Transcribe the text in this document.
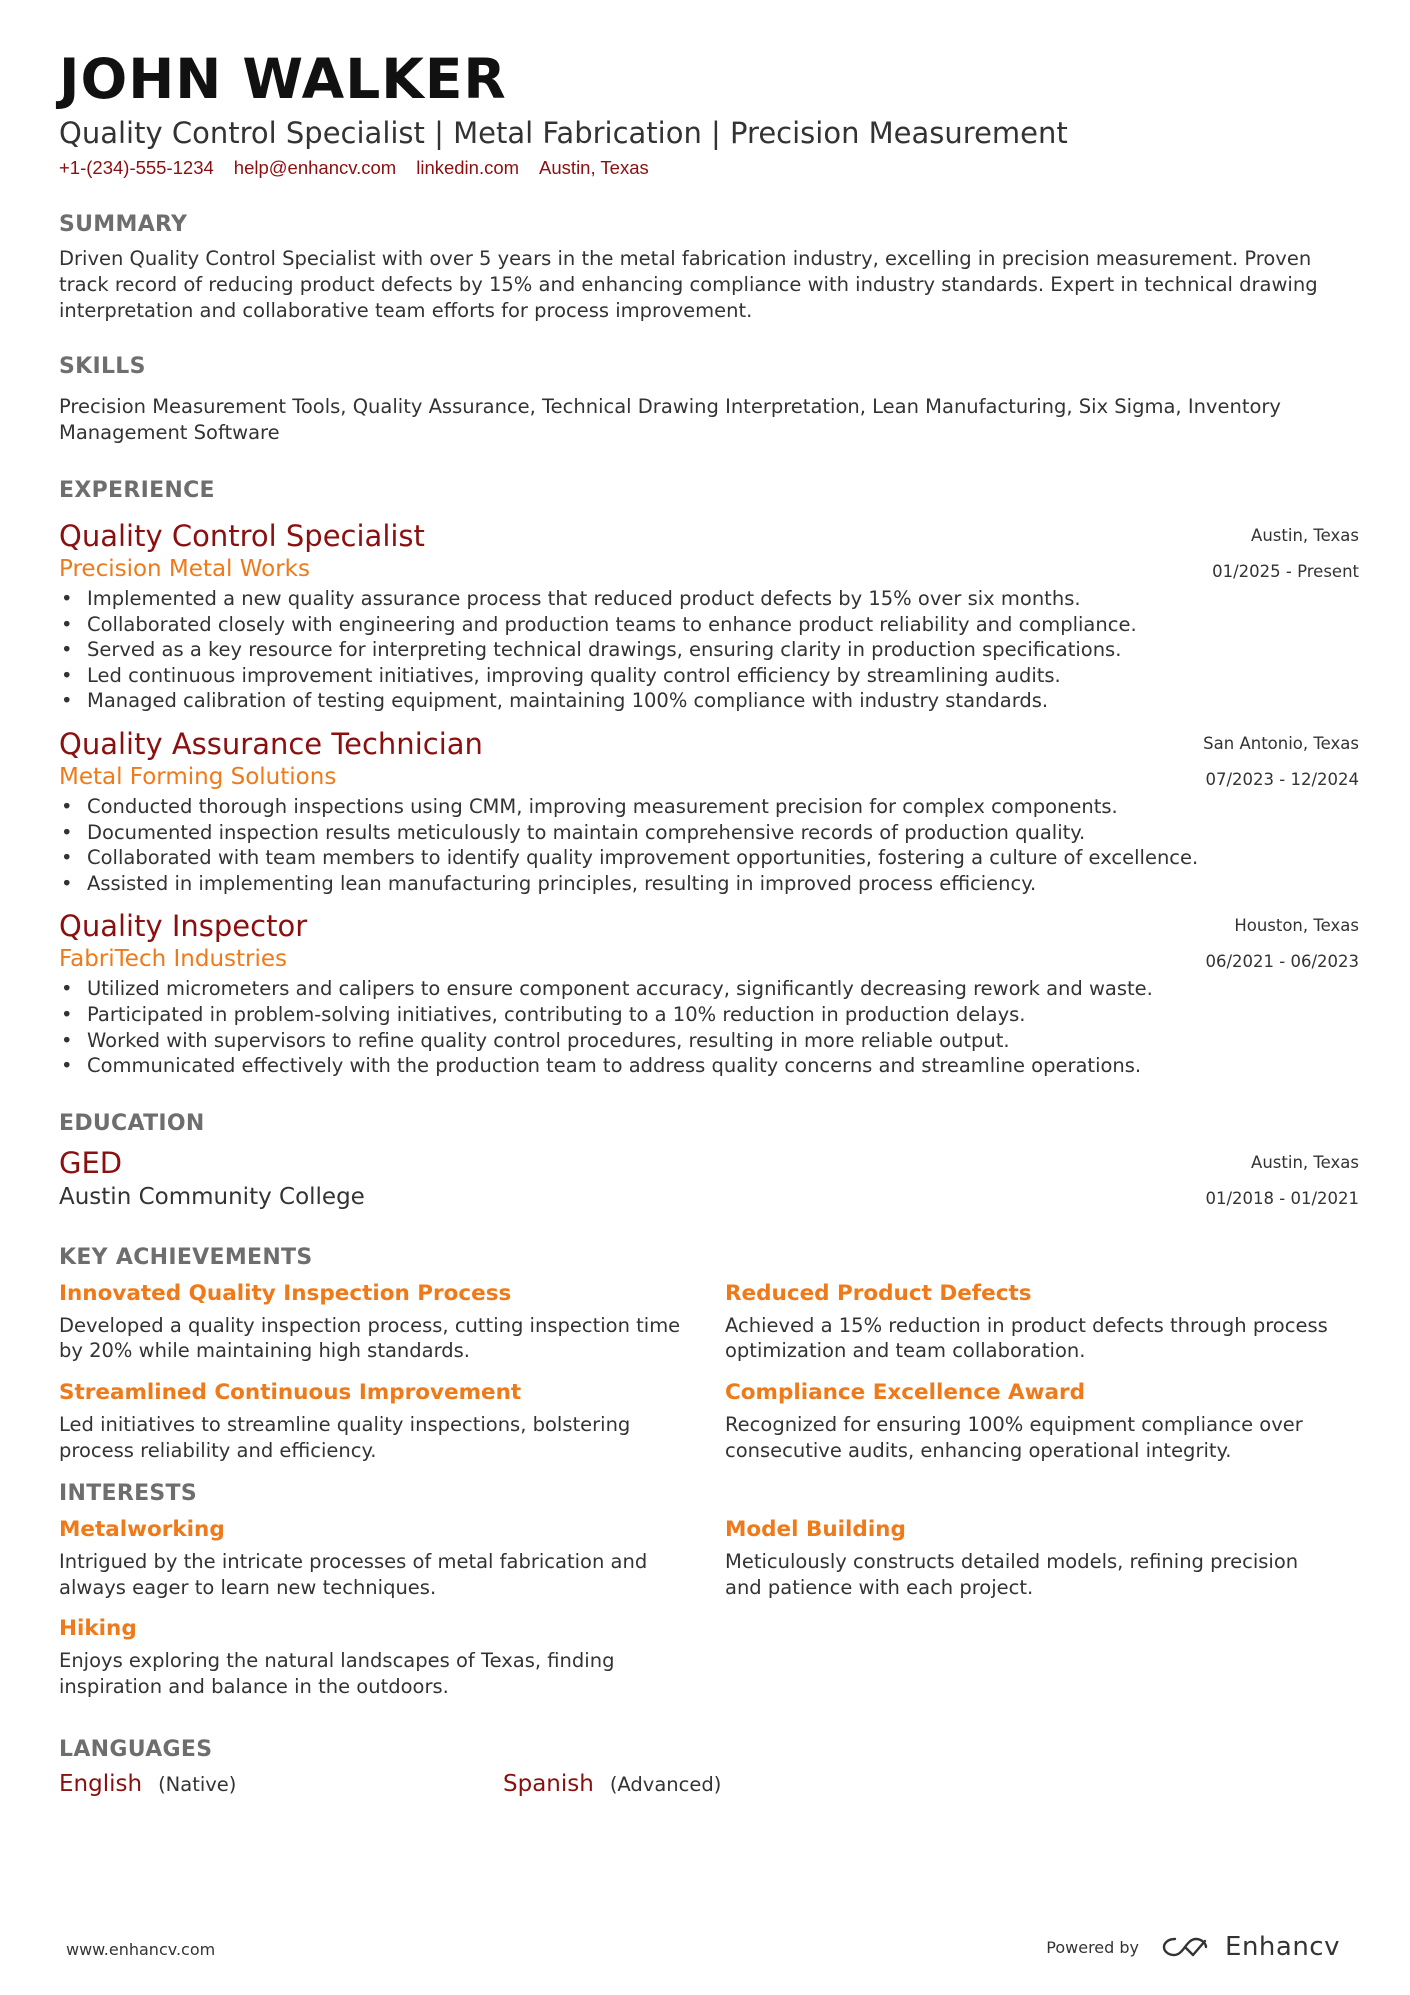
JOHN WALKER
Quality Control Specialist | Metal Fabrication | Precision Measurement
+1-(234)-555-1234 help@enhancv.com linkedin.com Austin, Texas
SUMMARY
Driven Quality Control Specialist with over 5 years in the metal fabrication industry, excelling in precision measurement. Proven track record of reducing product defects by 15% and enhancing compliance with industry standards. Expert in technical drawing interpretation and collaborative team efforts for process improvement.
SKILLS
Precision Measurement Tools, Quality Assurance, Technical Drawing Interpretation, Lean Manufacturing, Six Sigma, Inventory Management Software
EXPERIENCE
Quality Control Specialist
Precision Metal Works
Austin, Texas
01/2025 - Present
• Implemented a new quality assurance process that reduced product defects by 15% over six months.
• Collaborated closely with engineering and production teams to enhance product reliability and compliance.
• Served as a key resource for interpreting technical drawings, ensuring clarity in production specifications.
• Led continuous improvement initiatives, improving quality control efficiency by streamlining audits.
• Managed calibration of testing equipment, maintaining 100% compliance with industry standards.
Quality Assurance Technician
Metal Forming Solutions
San Antonio, Texas
07/2023 - 12/2024
• Conducted thorough inspections using CMM, improving measurement precision for complex components.
• Documented inspection results meticulously to maintain comprehensive records of production quality.
• Collaborated with team members to identify quality improvement opportunities, fostering a culture of excellence.
• Assisted in implementing lean manufacturing principles, resulting in improved process efficiency.
Quality Inspector
FabriTech Industries
Houston, Texas
06/2021 - 06/2023
• Utilized micrometers and calipers to ensure component accuracy, significantly decreasing rework and waste.
• Participated in problem-solving initiatives, contributing to a 10% reduction in production delays.
• Worked with supervisors to refine quality control procedures, resulting in more reliable output.
• Communicated effectively with the production team to address quality concerns and streamline operations.
EDUCATION
GED
Austin Community College
Austin, Texas
01/2018 - 01/2021
KEY ACHIEVEMENTS
Innovated Quality Inspection Process
Developed a quality inspection process, cutting inspection time by 20% while maintaining high standards.
Reduced Product Defects
Achieved a 15% reduction in product defects through process optimization and team collaboration.
Streamlined Continuous Improvement
Led initiatives to streamline quality inspections, bolstering process reliability and efficiency.
Compliance Excellence Award
Recognized for ensuring 100% equipment compliance over consecutive audits, enhancing operational integrity.
INTERESTS
Metalworking
Intrigued by the intricate processes of metal fabrication and always eager to learn new techniques.
Model Building
Meticulously constructs detailed models, refining precision and patience with each project.
Hiking
Enjoys exploring the natural landscapes of Texas, finding inspiration and balance in the outdoors.
LANGUAGES
English (Native)	Spanish (Advanced)
www.enhancv.com	Powered by	Enhancv
